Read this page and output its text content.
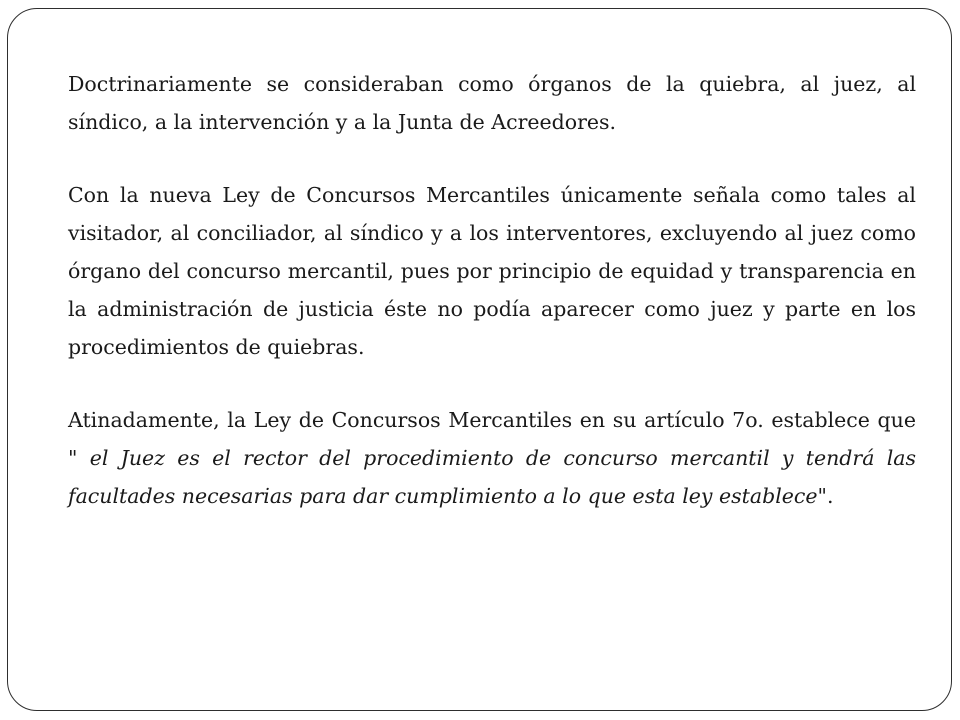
Doctrinariamente se consideraban como órganos de la quiebra, al juez, al síndico, a la intervención y a la Junta de Acreedores.

Con la nueva Ley de Concursos Mercantiles únicamente señala como tales al visitador, al conciliador, al síndico y a los interventores, excluyendo al juez como órgano del concurso mercantil, pues por principio de equidad y transparencia en la administración de justicia éste no podía aparecer como juez y parte en los procedimientos de quiebras.

Atinadamente, la Ley de Concursos Mercantiles en su artículo 7o. establece que " el Juez es el rector del procedimiento de concurso mercantil y tendrá las facultades necesarias para dar cumplimiento a lo que esta ley establece".
